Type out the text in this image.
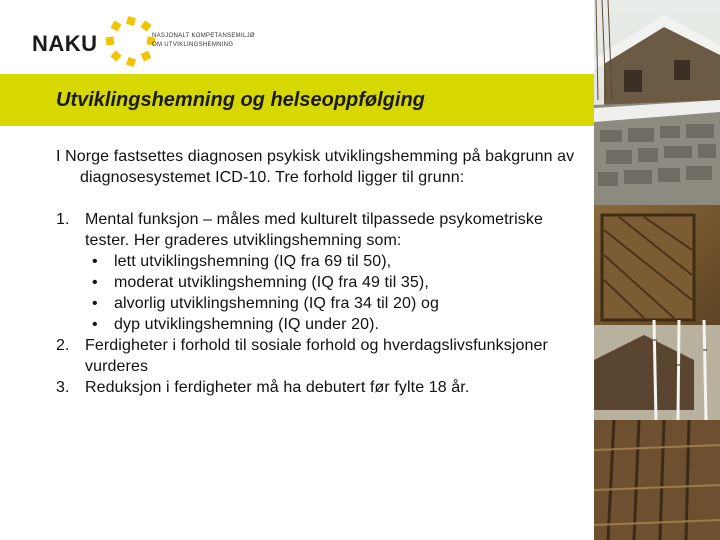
NAKU	NASJONALT KOMPETANSEMILJØ
OM UTVIKLINGSHEMNING
Utviklingshemning og helseoppfølging

I Norge fastsettes diagnosen psykisk utviklingshemming på bakgrunn av diagnosesystemet ICD-10. Tre forhold ligger til grunn:

1. Mental funksjon – måles med kulturelt tilpassede psykometriske tester. Her graderes utviklingshemning som:
• lett utviklingshemning (IQ fra 69 til 50),
• moderat utviklingshemning (IQ fra 49 til 35),
• alvorlig utviklingshemning (IQ fra 34 til 20) og
• dyp utviklingshemning (IQ under 20).
2. Ferdigheter i forhold til sosiale forhold og hverdagslivsfunksjoner vurderes
3. Reduksjon i ferdigheter må ha debutert før fylte 18 år.
